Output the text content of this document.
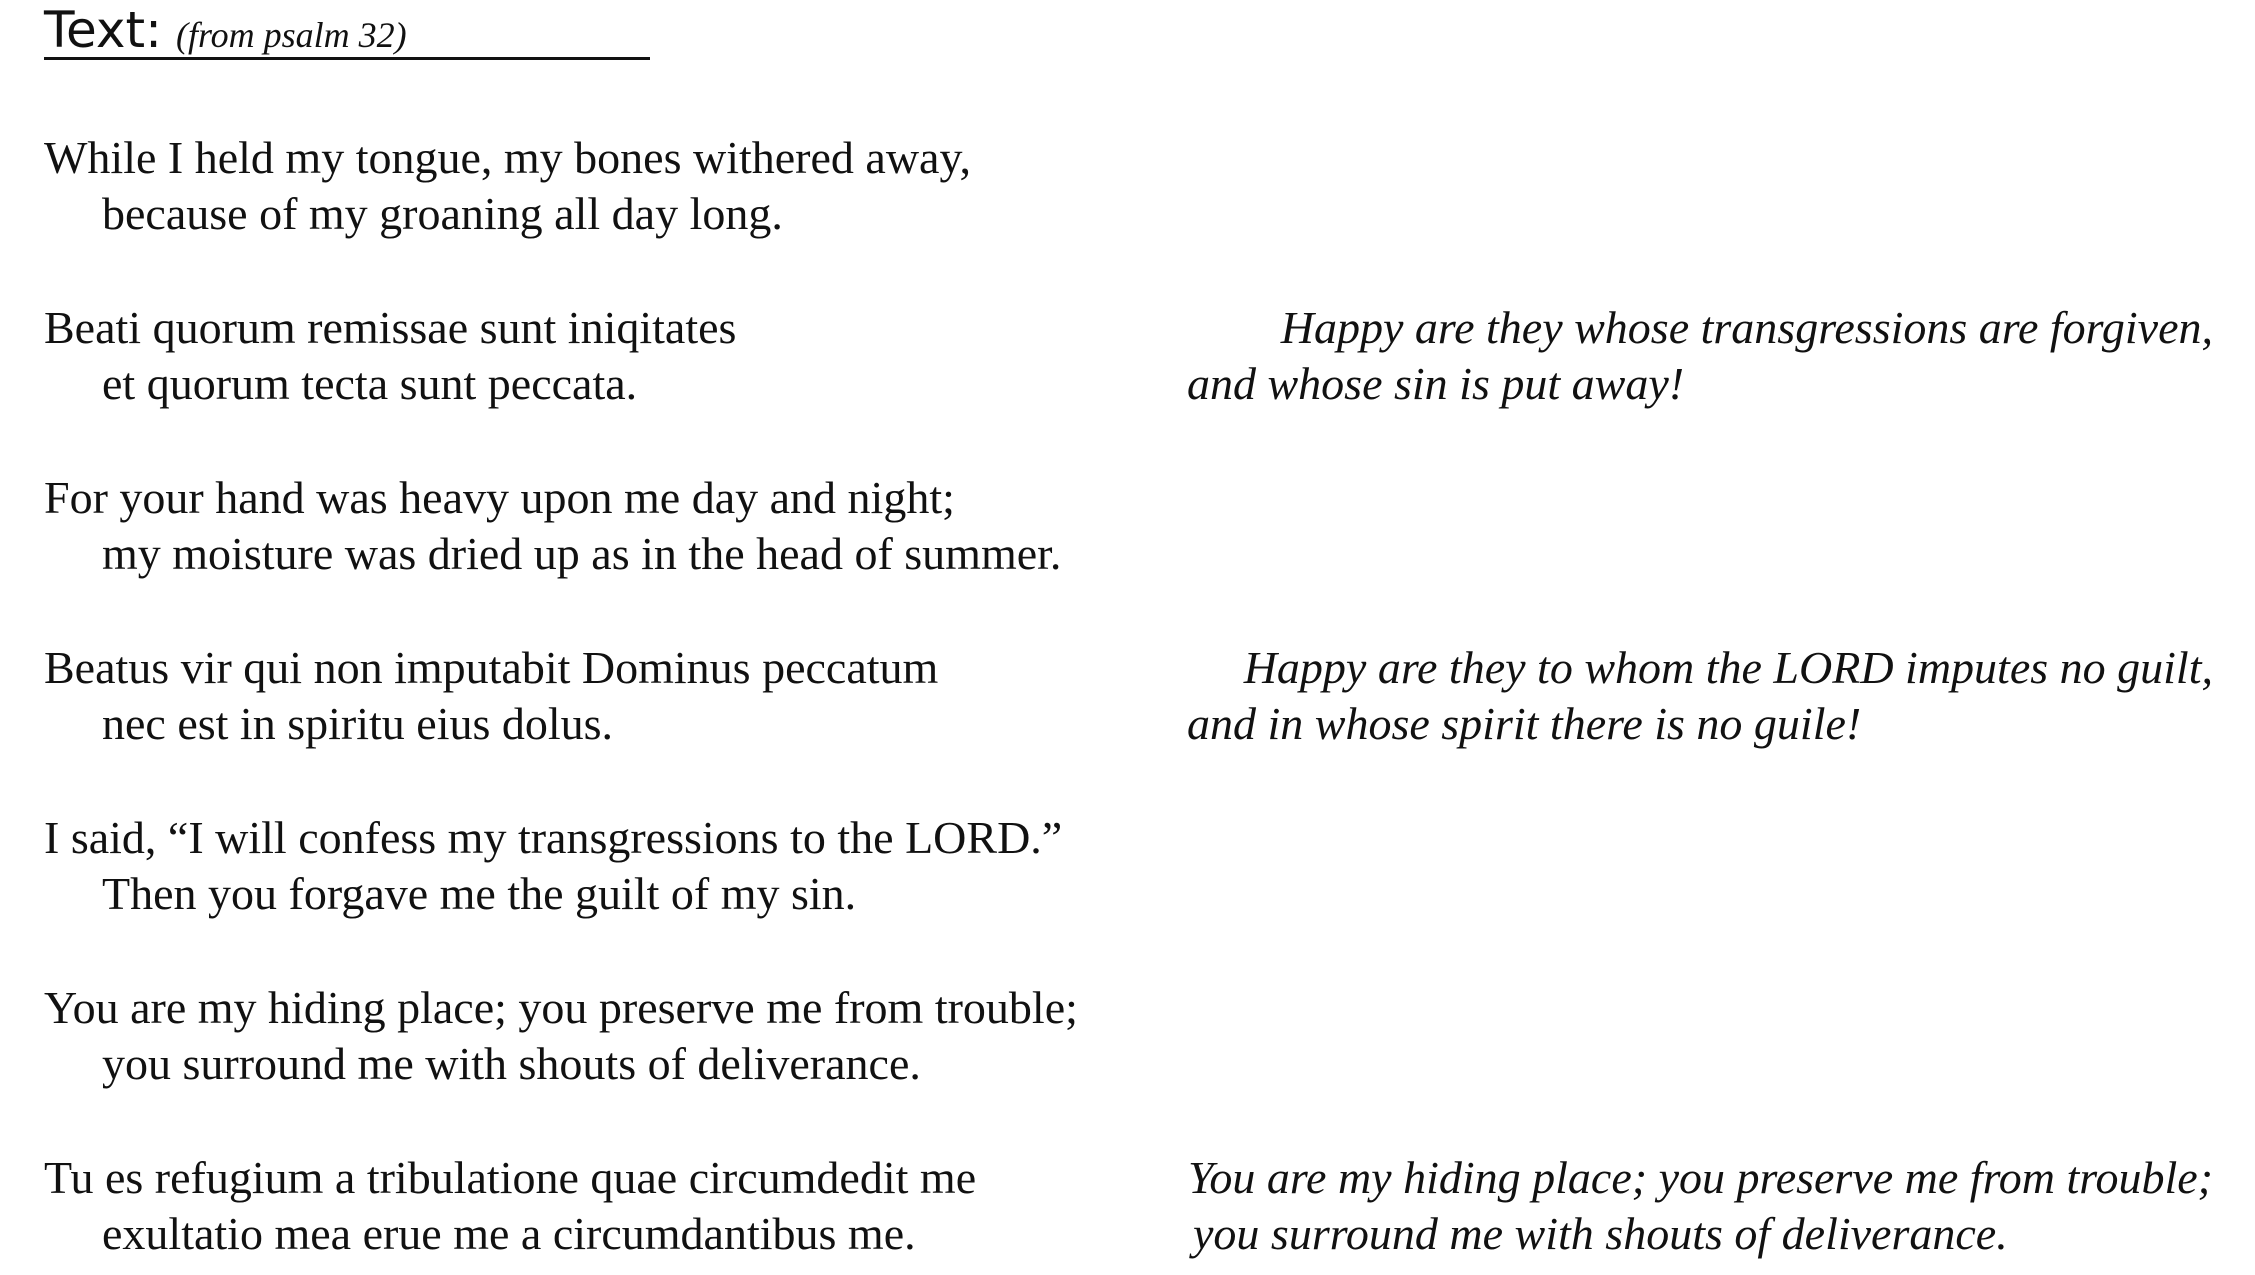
Text: (from psalm 32)
While I held my tongue, my bones withered away,
because of my groaning all day long.
Beati quorum remissae sunt iniqitates
et quorum tecta sunt peccata.
Happy are they whose transgressions are forgiven,
and whose sin is put away!
For your hand was heavy upon me day and night;
my moisture was dried up as in the head of summer.
Beatus vir qui non imputabit Dominus peccatum
nec est in spiritu eius dolus.
Happy are they to whom the LORD imputes no guilt,
and in whose spirit there is no guile!
I said, “I will confess my transgressions to the LORD.”
Then you forgave me the guilt of my sin.
You are my hiding place; you preserve me from trouble;
you surround me with shouts of deliverance.
Tu es refugium a tribulatione quae circumdedit me
exultatio mea erue me a circumdantibus me.
You are my hiding place; you preserve me from trouble;
you surround me with shouts of deliverance.
